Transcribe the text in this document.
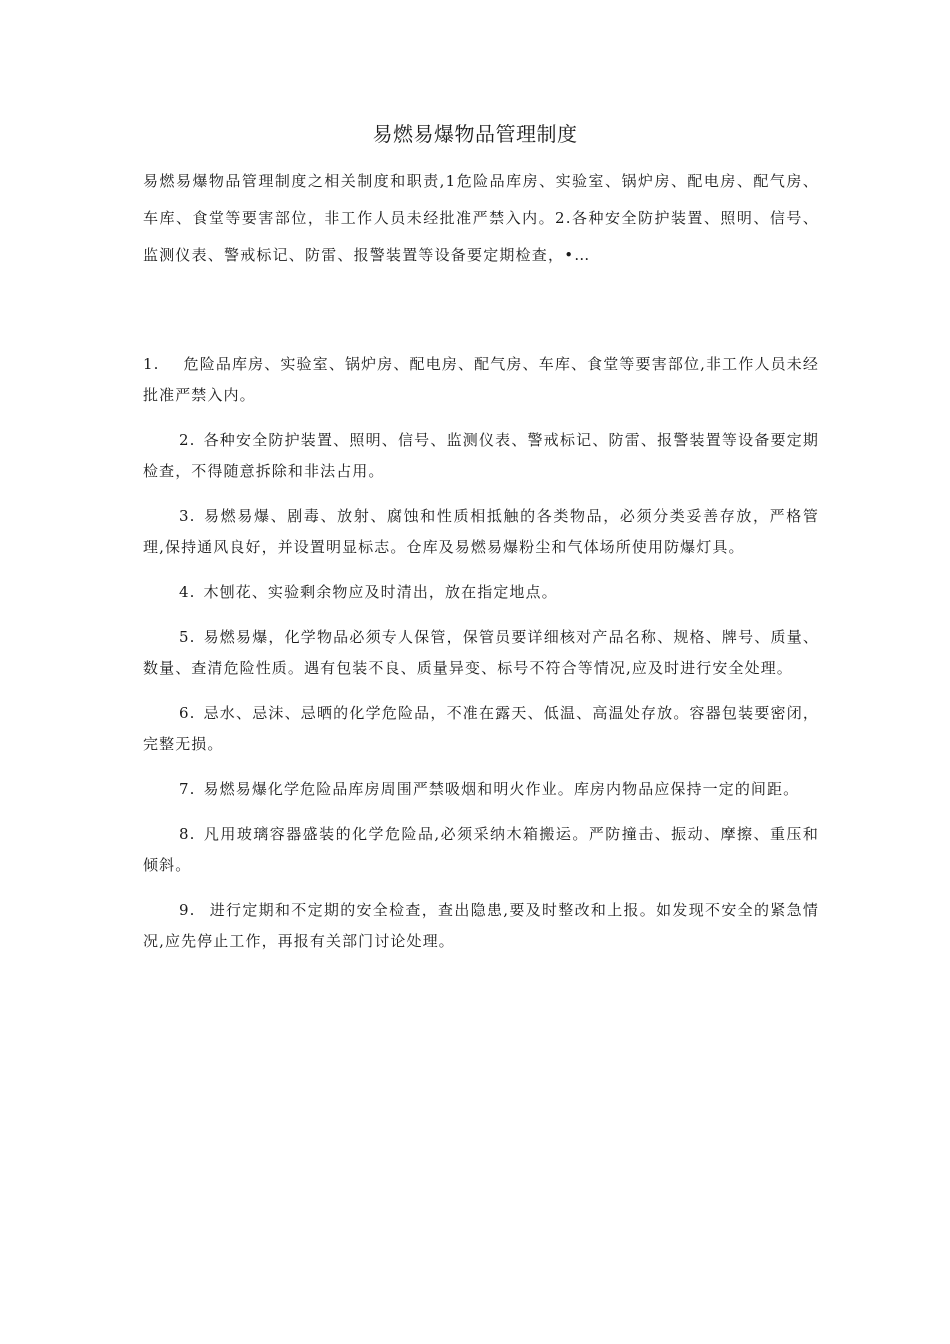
易燃易爆物品管理制度

易燃易爆物品管理制度之相关制度和职责,1危险品库房、实验室、锅炉房、配电房、配气房、车库、食堂等要害部位，非工作人员未经批准严禁入内。2.各种安全防护装置、照明、信号、监测仪表、警戒标记、防雷、报警装置等设备要定期检查，•…

1. 危险品库房、实验室、锅炉房、配电房、配气房、车库、食堂等要害部位,非工作人员未经批准严禁入内。

2. 各种安全防护装置、照明、信号、监测仪表、警戒标记、防雷、报警装置等设备要定期检查，不得随意拆除和非法占用。

3. 易燃易爆、剧毒、放射、腐蚀和性质相抵触的各类物品，必须分类妥善存放，严格管理,保持通风良好，并设置明显标志。仓库及易燃易爆粉尘和气体场所使用防爆灯具。

4. 木刨花、实验剩余物应及时清出，放在指定地点。

5. 易燃易爆，化学物品必须专人保管，保管员要详细核对产品名称、规格、牌号、质量、数量、查清危险性质。遇有包装不良、质量异变、标号不符合等情况,应及时进行安全处理。

6. 忌水、忌沫、忌晒的化学危险品，不准在露天、低温、高温处存放。容器包装要密闭，完整无损。

7. 易燃易爆化学危险品库房周围严禁吸烟和明火作业。库房内物品应保持一定的间距。

8. 凡用玻璃容器盛装的化学危险品,必须采纳木箱搬运。严防撞击、振动、摩擦、重压和倾斜。

9. 进行定期和不定期的安全检查，查出隐患,要及时整改和上报。如发现不安全的紧急情况,应先停止工作，再报有关部门讨论处理。
